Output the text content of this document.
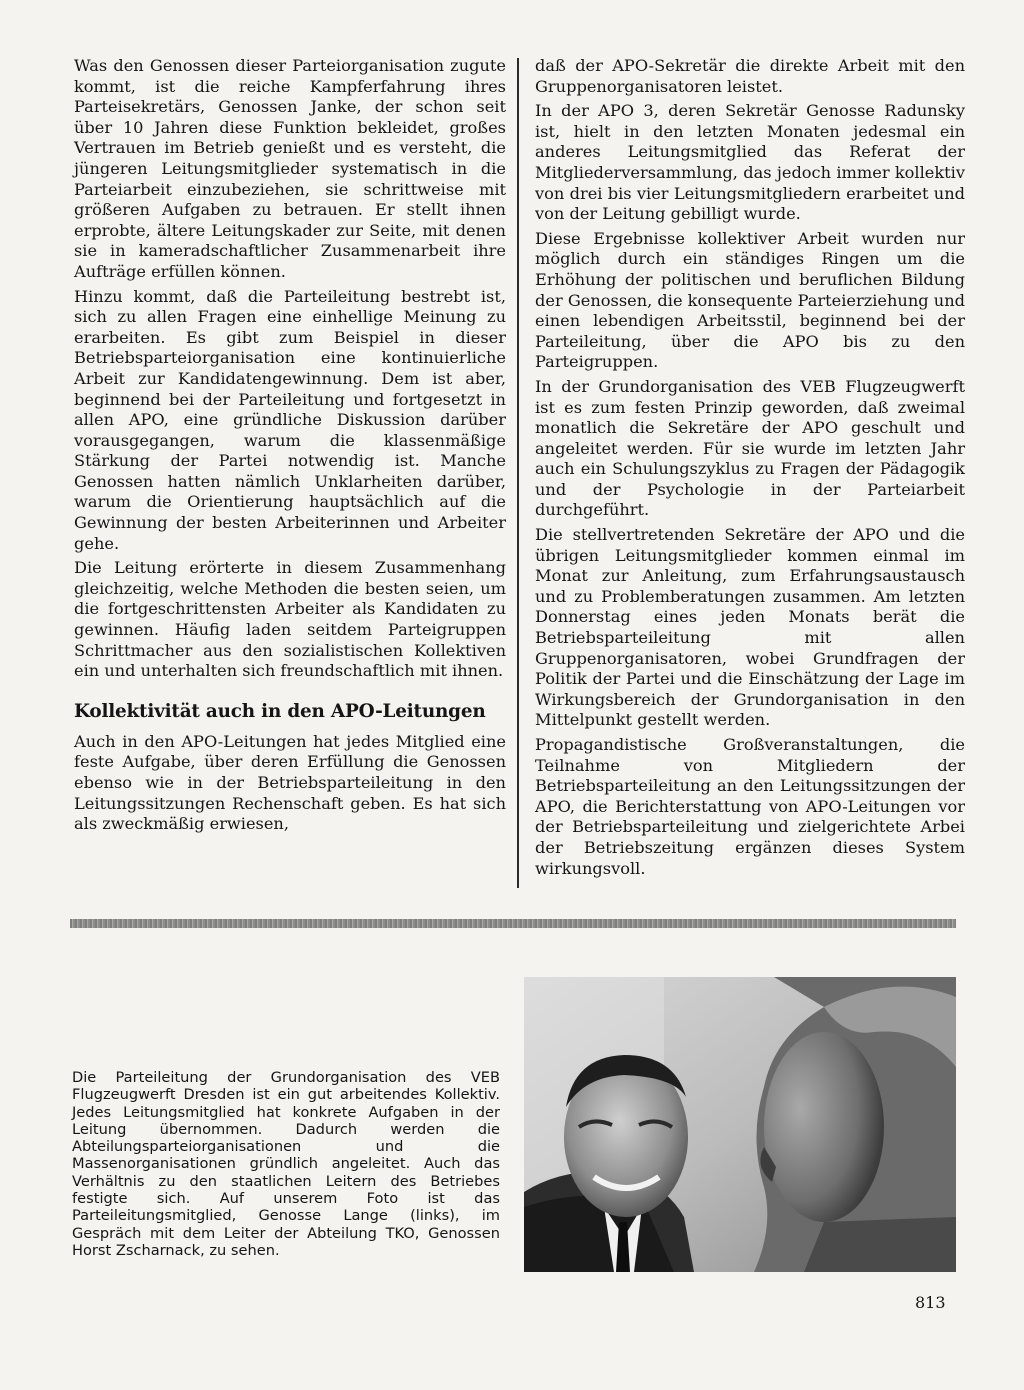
Was den Genossen dieser Parteiorganisation zugute kommt, ist die reiche Kampferfahrung ihres Parteisekretärs, Genossen Janke, der schon seit über 10 Jahren diese Funktion bekleidet, großes Vertrauen im Betrieb genießt und es versteht, die jüngeren Leitungsmitglieder systematisch in die Parteiarbeit einzubeziehen, sie schrittweise mit größeren Aufgaben zu betrauen. Er stellt ihnen erprobte, ältere Leitungskader zur Seite, mit denen sie in kameradschaftlicher Zusammenarbeit ihre Aufträge erfüllen können.

Hinzu kommt, daß die Parteileitung bestrebt ist, sich zu allen Fragen eine einhellige Meinung zu erarbeiten. Es gibt zum Beispiel in dieser Betriebsparteiorganisation eine kontinuierliche Arbeit zur Kandidatengewinnung. Dem ist aber, beginnend bei der Parteileitung und fortgesetzt in allen APO, eine gründliche Diskussion darüber vorausgegangen, warum die klassenmäßige Stärkung der Partei notwendig ist. Manche Genossen hatten nämlich Unklarheiten darüber, warum die Orientierung hauptsächlich auf die Gewinnung der besten Arbeiterinnen und Arbeiter gehe.

Die Leitung erörterte in diesem Zusammenhang gleichzeitig, welche Methoden die besten seien, um die fortgeschrittensten Arbeiter als Kandidaten zu gewinnen. Häufig laden seitdem Parteigruppen Schrittmacher aus den sozialistischen Kollektiven ein und unterhalten sich freundschaftlich mit ihnen.

Kollektivität auch in den APO-Leitungen

Auch in den APO-Leitungen hat jedes Mitglied eine feste Aufgabe, über deren Erfüllung die Genossen ebenso wie in der Betriebsparteileitung in den Leitungssitzungen Rechenschaft geben. Es hat sich als zweckmäßig erwiesen,

daß der APO-Sekretär die direkte Arbeit mit den Gruppenorganisatoren leistet.

In der APO 3, deren Sekretär Genosse Radunsky ist, hielt in den letzten Monaten jedesmal ein anderes Leitungsmitglied das Referat der Mitgliederversammlung, das jedoch immer kollektiv von drei bis vier Leitungsmitgliedern erarbeitet und von der Leitung gebilligt wurde.

Diese Ergebnisse kollektiver Arbeit wurden nur möglich durch ein ständiges Ringen um die Erhöhung der politischen und beruflichen Bildung der Genossen, die konsequente Parteierziehung und einen lebendigen Arbeitsstil, beginnend bei der Parteileitung, über die APO bis zu den Parteigruppen.

In der Grundorganisation des VEB Flugzeugwerft ist es zum festen Prinzip geworden, daß zweimal monatlich die Sekretäre der APO geschult und angeleitet werden. Für sie wurde im letzten Jahr auch ein Schulungszyklus zu Fragen der Pädagogik und der Psychologie in der Parteiarbeit durchgeführt.

Die stellvertretenden Sekretäre der APO und die übrigen Leitungsmitglieder kommen einmal im Monat zur Anleitung, zum Erfahrungsaustausch und zu Problemberatungen zusammen. Am letzten Donnerstag eines jeden Monats berät die Betriebsparteileitung mit allen Gruppenorganisatoren, wobei Grundfragen der Politik der Partei und die Einschätzung der Lage im Wirkungsbereich der Grundorganisation in den Mittelpunkt gestellt werden.

Propagandistische Großveranstaltungen, die Teilnahme von Mitgliedern der Betriebsparteileitung an den Leitungssitzungen der APO, die Berichterstattung von APO-Leitungen vor der Betriebsparteileitung und zielgerichtete Arbei der Betriebszeitung ergänzen dieses System wirkungsvoll.

Die Parteileitung der Grundorganisation des VEB Flugzeugwerft Dresden ist ein gut arbeitendes Kollektiv. Jedes Leitungsmitglied hat konkrete Aufgaben in der Leitung übernommen. Dadurch werden die Abteilungsparteiorganisationen und die Massenorganisationen gründlich angeleitet. Auch das Verhältnis zu den staatlichen Leitern des Betriebes festigte sich. Auf unserem Foto ist das Parteileitungsmitglied, Genosse Lange (links), im Gespräch mit dem Leiter der Abteilung TKO, Genossen Horst Zscharnack, zu sehen.

813
